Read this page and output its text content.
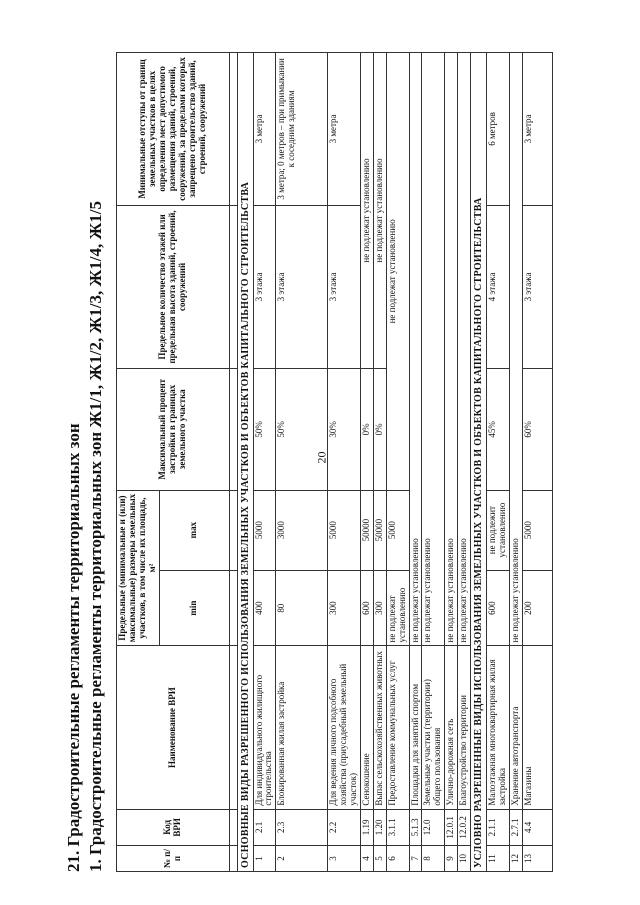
20
21. Градостроительные регламенты территориальных зон 1. Градостроительные регламенты территориальных зон Ж1/1, Ж1/2, Ж1/3, Ж1/4, Ж1/5	№ п/п	Код ВРИ	Наименование ВРИ	Предельные (минимальные и (или) максимальные) размеры земельных участков, в том числе их площадь, м²		Максимальный процент застройки в границах земельного участка	Предельное количество этажей или предельная высота зданий, строений, сооружений	Минимальные отступы от границ земельных участков в целях определения мест допустимого размещения зданий, строений, сооружений, за пределами которых запрещено строительство зданий, строений, сооружений
			min	max			

ОСНОВНЫЕ ВИДЫ РАЗРЕШЕННОГО ИСПОЛЬЗОВАНИЯ ЗЕМЕЛЬНЫХ УЧАСТКОВ И ОБЪЕКТОВ КАПИТАЛЬНОГО СТРОИТЕЛЬСТВА							
1	2.1	Для индивидуального жилищного строительства	400	5000	50%	3 этажа	3 метра
2	2.3	Блокированная жилая застройка	80	3000	50%	3 этажа	3 метра; 0 метров – при примыкании к соседним зданиям
3	2.2	Для ведения личного подсобного хозяйства (приусадебный земельный участок)	300	5000	30%	3 этажа	3 метра
4	1.19	Сенокошение	600	50000	0%	не подлежат установлению	
5	1.20	Выпас сельскохозяйственных животных	300	50000	0%	не подлежат установлению	
6	3.1.1	Предоставление коммунальных услуг	не подлежат установлению	5000	не подлежат установлению		
7	5.1.3	Площадки для занятий спортом	не подлежат установлению				
8	12.0	Земельные участки (территории) общего пользования	не подлежат установлению				
9	12.0.1	Улично-дорожная сеть	не подлежат установлению				
10	12.0.2	Благоустройство территории	не подлежат установлению				
УСЛОВНО РАЗРЕШЕННЫЕ ВИДЫ ИСПОЛЬЗОВАНИЯ ЗЕМЕЛЬНЫХ УЧАСТКОВ И ОБЪЕКТОВ КАПИТАЛЬНОГО СТРОИТЕЛЬСТВА							
11	2.1.1	Малоэтажная многоквартирная жилая застройка	600	не подлежит установлению	45%	4 этажа	6 метров
12	2.7.1	Хранение автотранспорта	не подлежат установлению				
13	4.4	Магазины	200	5000	60%	3 этажа	3 метра
